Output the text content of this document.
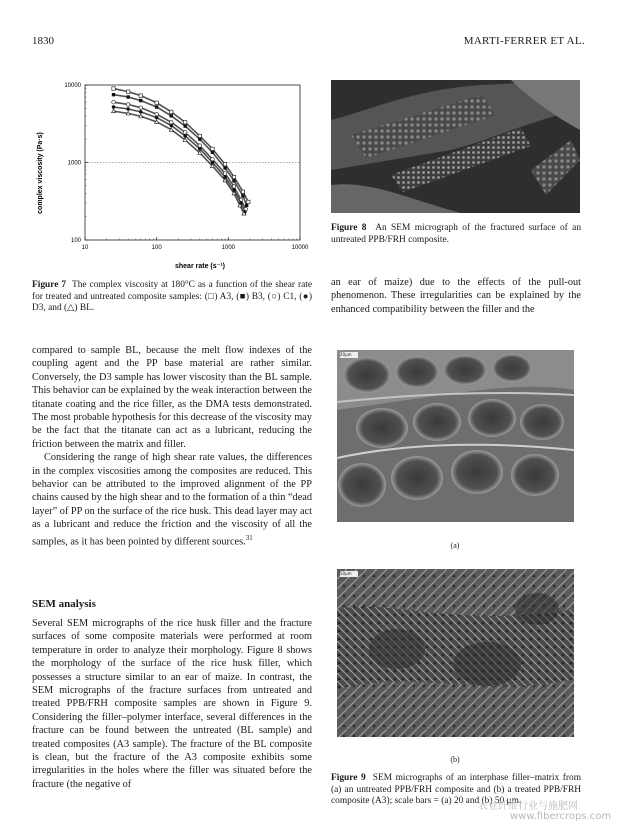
1830	MARTI-FERRER ET AL.
10	100	1000	10000
100
1000
10000
complex viscosity (Pa·s)
shear rate (s⁻¹)
Figure 7 The complex viscosity at 180°C as a function of the shear rate for treated and untreated composite samples: (□) A3, (■) B3, (○) C1, (●) D3, and (△) BL.
Figure 8 An SEM micrograph of the fractured surface of an untreated PPB/FRH composite.
an ear of maize) due to the effects of the pull-out phenomenon. These irregularities can be explained by the enhanced compatibility between the filler and the
20μm
(a)
50μm
(b)
Figure 9 SEM micrographs of an interphase filler–matrix from (a) an untreated PPB/FRH composite and (b) a treated PPB/FRH composite (A3); scale bars = (a) 20 and (b) 50 μm.

compared to sample BL, because the melt flow indexes of the coupling agent and the PP base material are rather similar. Conversely, the D3 sample has lower viscosity than the BL sample. This behavior can be explained by the weak interaction between the titanate coating and the rice filler, as the DMA tests demonstrated. The most probable hypothesis for this decrease of the viscosity may be the fact that the titanate can act as a lubricant, reducing the friction between the matrix and filler.

Considering the range of high shear rate values, the differences in the complex viscosities among the composites are reduced. This behavior can be attributed to the improved alignment of the PP chains caused by the high shear and to the formation of a thin “dead layer” of PP on the surface of the rice husk. This dead layer may act as a lubricant and reduce the friction and the viscosity of all the samples, as it has been pointed by different sources.$^{31}$

SEM analysis
Several SEM micrographs of the rice husk filler and the fracture surfaces of some composite materials were performed at room temperature in order to analyze their morphology. Figure 8 shows the morphology of the surface of the rice husk filler, which possesses a structure similar to an ear of maize. In contrast, the SEM micrographs of the fracture surfaces from untreated and treated PPB/FRH composite samples are shown in Figure 9. Considering the filler–polymer interface, several differences in the fracture can be found between the untreated (BL sample) and treated composites (A3 sample). The fracture of the BL composite is clean, but the fracture of the A3 composite exhibits some irregularities in the holes where the filler was situated before the fracture (the negative of
农业纤维行业与施肥网
www.fibercrops.com
